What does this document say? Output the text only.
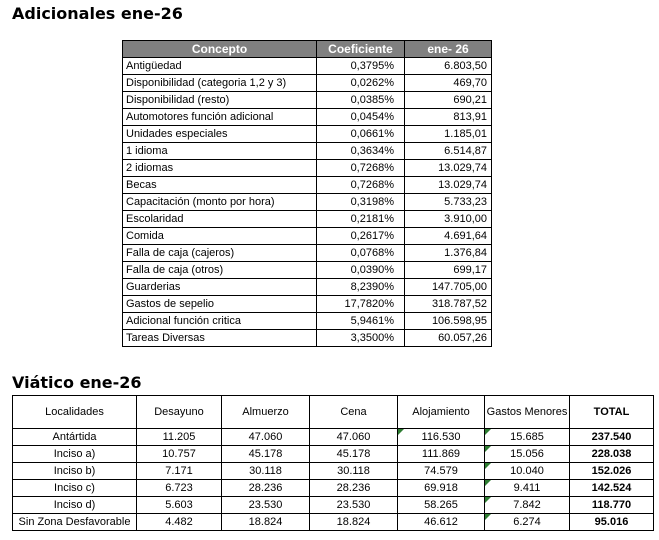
Adicionales ene-26
Concepto	Coeficiente	ene- 26
Antigüedad	0,3795%	6.803,50
Disponibilidad (categoria 1,2 y 3)	0,0262%	469,70
Disponibilidad (resto)	0,0385%	690,21
Automotores función adicional	0,0454%	813,91
Unidades especiales	0,0661%	1.185,01
1 idioma	0,3634%	6.514,87
2 idiomas	0,7268%	13.029,74
Becas	0,7268%	13.029,74
Capacitación (monto por hora)	0,3198%	5.733,23
Escolaridad	0,2181%	3.910,00
Comida	0,2617%	4.691,64
Falla de caja (cajeros)	0,0768%	1.376,84
Falla de caja (otros)	0,0390%	699,17
Guarderias	8,2390%	147.705,00
Gastos de sepelio	17,7820%	318.787,52
Adicional función critica	5,9461%	106.598,95
Tareas Diversas	3,3500%	60.057,26
Viático ene-26
Localidades	Desayuno	Almuerzo	Cena	Alojamiento	Gastos Menores	TOTAL
Antártida	11.205	47.060	47.060	116.530	15.685	237.540
Inciso a)	10.757	45.178	45.178	111.869	15.056	228.038
Inciso b)	7.171	30.118	30.118	74.579	10.040	152.026
Inciso c)	6.723	28.236	28.236	69.918	9.411	142.524
Inciso d)	5.603	23.530	23.530	58.265	7.842	118.770
Sin Zona Desfavorable	4.482	18.824	18.824	46.612	6.274	95.016
